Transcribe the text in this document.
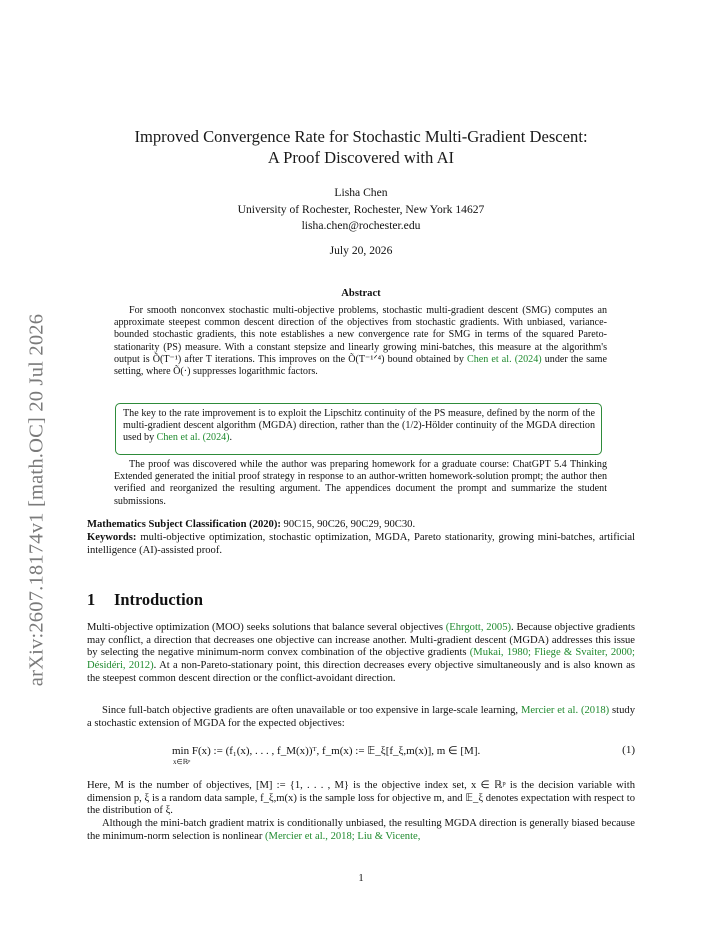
arXiv:2607.18174v1 [math.OC] 20 Jul 2026
Improved Convergence Rate for Stochastic Multi-Gradient Descent:
A Proof Discovered with AI
Lisha Chen
University of Rochester, Rochester, New York 14627
lisha.chen@rochester.edu
July 20, 2026
Abstract
For smooth nonconvex stochastic multi-objective problems, stochastic multi-gradient descent (SMG) computes an approximate steepest common descent direction of the objectives from stochastic gradients. With unbiased, variance-bounded stochastic gradients, this note establishes a new convergence rate for SMG in terms of the squared Pareto-stationarity (PS) measure. With a constant stepsize and linearly growing mini-batches, this measure at the algorithm's output is Õ(T⁻¹) after T iterations. This improves on the Õ(T⁻¹ᐟ⁴) bound obtained by Chen et al. (2024) under the same setting, where Õ(·) suppresses logarithmic factors.
The key to the rate improvement is to exploit the Lipschitz continuity of the PS measure, defined by the norm of the multi-gradient descent algorithm (MGDA) direction, rather than the (1/2)-Hölder continuity of the MGDA direction used by Chen et al. (2024).
The proof was discovered while the author was preparing homework for a graduate course: ChatGPT 5.4 Thinking Extended generated the initial proof strategy in response to an author-written homework-solution prompt; the author then verified and reorganized the resulting argument. The appendices document the prompt and summarize the student submissions.
Mathematics Subject Classification (2020): 90C15, 90C26, 90C29, 90C30.
Keywords: multi-objective optimization, stochastic optimization, MGDA, Pareto stationarity, growing mini-batches, artificial intelligence (AI)-assisted proof.
1 Introduction
Multi-objective optimization (MOO) seeks solutions that balance several objectives (Ehrgott, 2005). Because objective gradients may conflict, a direction that decreases one objective can increase another. Multi-gradient descent (MGDA) addresses this issue by selecting the negative minimum-norm convex combination of the objective gradients (Mukai, 1980; Fliege & Svaiter, 2000; Désidéri, 2012). At a non-Pareto-stationary point, this direction decreases every objective simultaneously and is also known as the steepest common descent direction or the conflict-avoidant direction.
Since full-batch objective gradients are often unavailable or too expensive in large-scale learning, Mercier et al. (2018) study a stochastic extension of MGDA for the expected objectives:
min F(x) := (f₁(x), . . . , f_M(x))ᵀ, f_m(x) := 𝔼_ξ[f_ξ,m(x)], m ∈ [M].
x∈ℝᵖ
(1)
Here, M is the number of objectives, [M] := {1, . . . , M} is the objective index set, x ∈ ℝᵖ is the decision variable with dimension p, ξ is a random data sample, f_ξ,m(x) is the sample loss for objective m, and 𝔼_ξ denotes expectation with respect to the distribution of ξ.
Although the mini-batch gradient matrix is conditionally unbiased, the resulting MGDA direction is generally biased because the minimum-norm selection is nonlinear (Mercier et al., 2018; Liu & Vicente,
1
